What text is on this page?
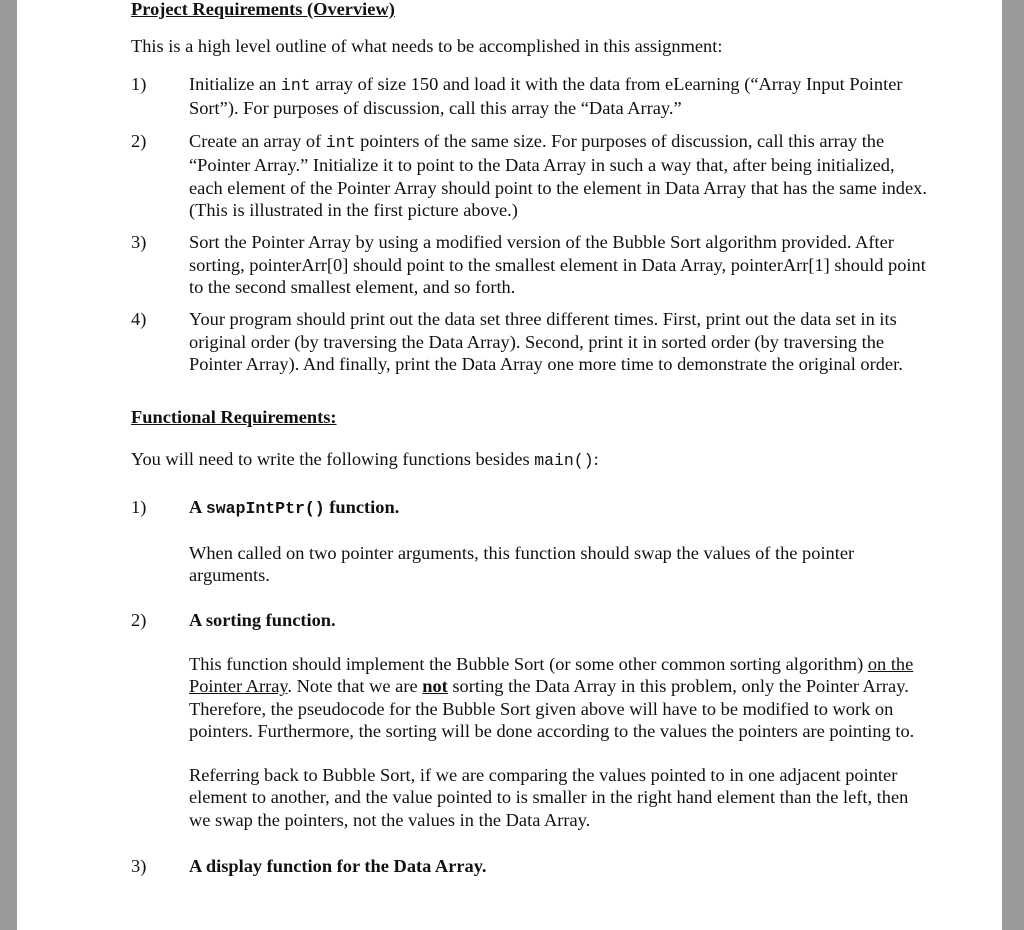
Project Requirements (Overview)
This is a high level outline of what needs to be accomplished in this assignment:
1)	Initialize an int array of size 150 and load it with the data from eLearning (“Array Input Pointer Sort”). For purposes of discussion, call this array the “Data Array.”
2)	Create an array of int pointers of the same size. For purposes of discussion, call this array the “Pointer Array.” Initialize it to point to the Data Array in such a way that, after being initialized, each element of the Pointer Array should point to the element in Data Array that has the same index. (This is illustrated in the first picture above.)
3)	Sort the Pointer Array by using a modified version of the Bubble Sort algorithm provided. After sorting, pointerArr[0] should point to the smallest element in Data Array, pointerArr[1] should point to the second smallest element, and so forth.
4)	Your program should print out the data set three different times. First, print out the data set in its original order (by traversing the Data Array). Second, print it in sorted order (by traversing the Pointer Array). And finally, print the Data Array one more time to demonstrate the original order.
Functional Requirements:
You will need to write the following functions besides main():
1)	A swapIntPtr() function.
When called on two pointer arguments, this function should swap the values of the pointer arguments.
2)	A sorting function.
This function should implement the Bubble Sort (or some other common sorting algorithm) on the Pointer Array. Note that we are not sorting the Data Array in this problem, only the Pointer Array. Therefore, the pseudocode for the Bubble Sort given above will have to be modified to work on pointers. Furthermore, the sorting will be done according to the values the pointers are pointing to.
Referring back to Bubble Sort, if we are comparing the values pointed to in one adjacent pointer element to another, and the value pointed to is smaller in the right hand element than the left, then we swap the pointers, not the values in the Data Array.
3)	A display function for the Data Array.
